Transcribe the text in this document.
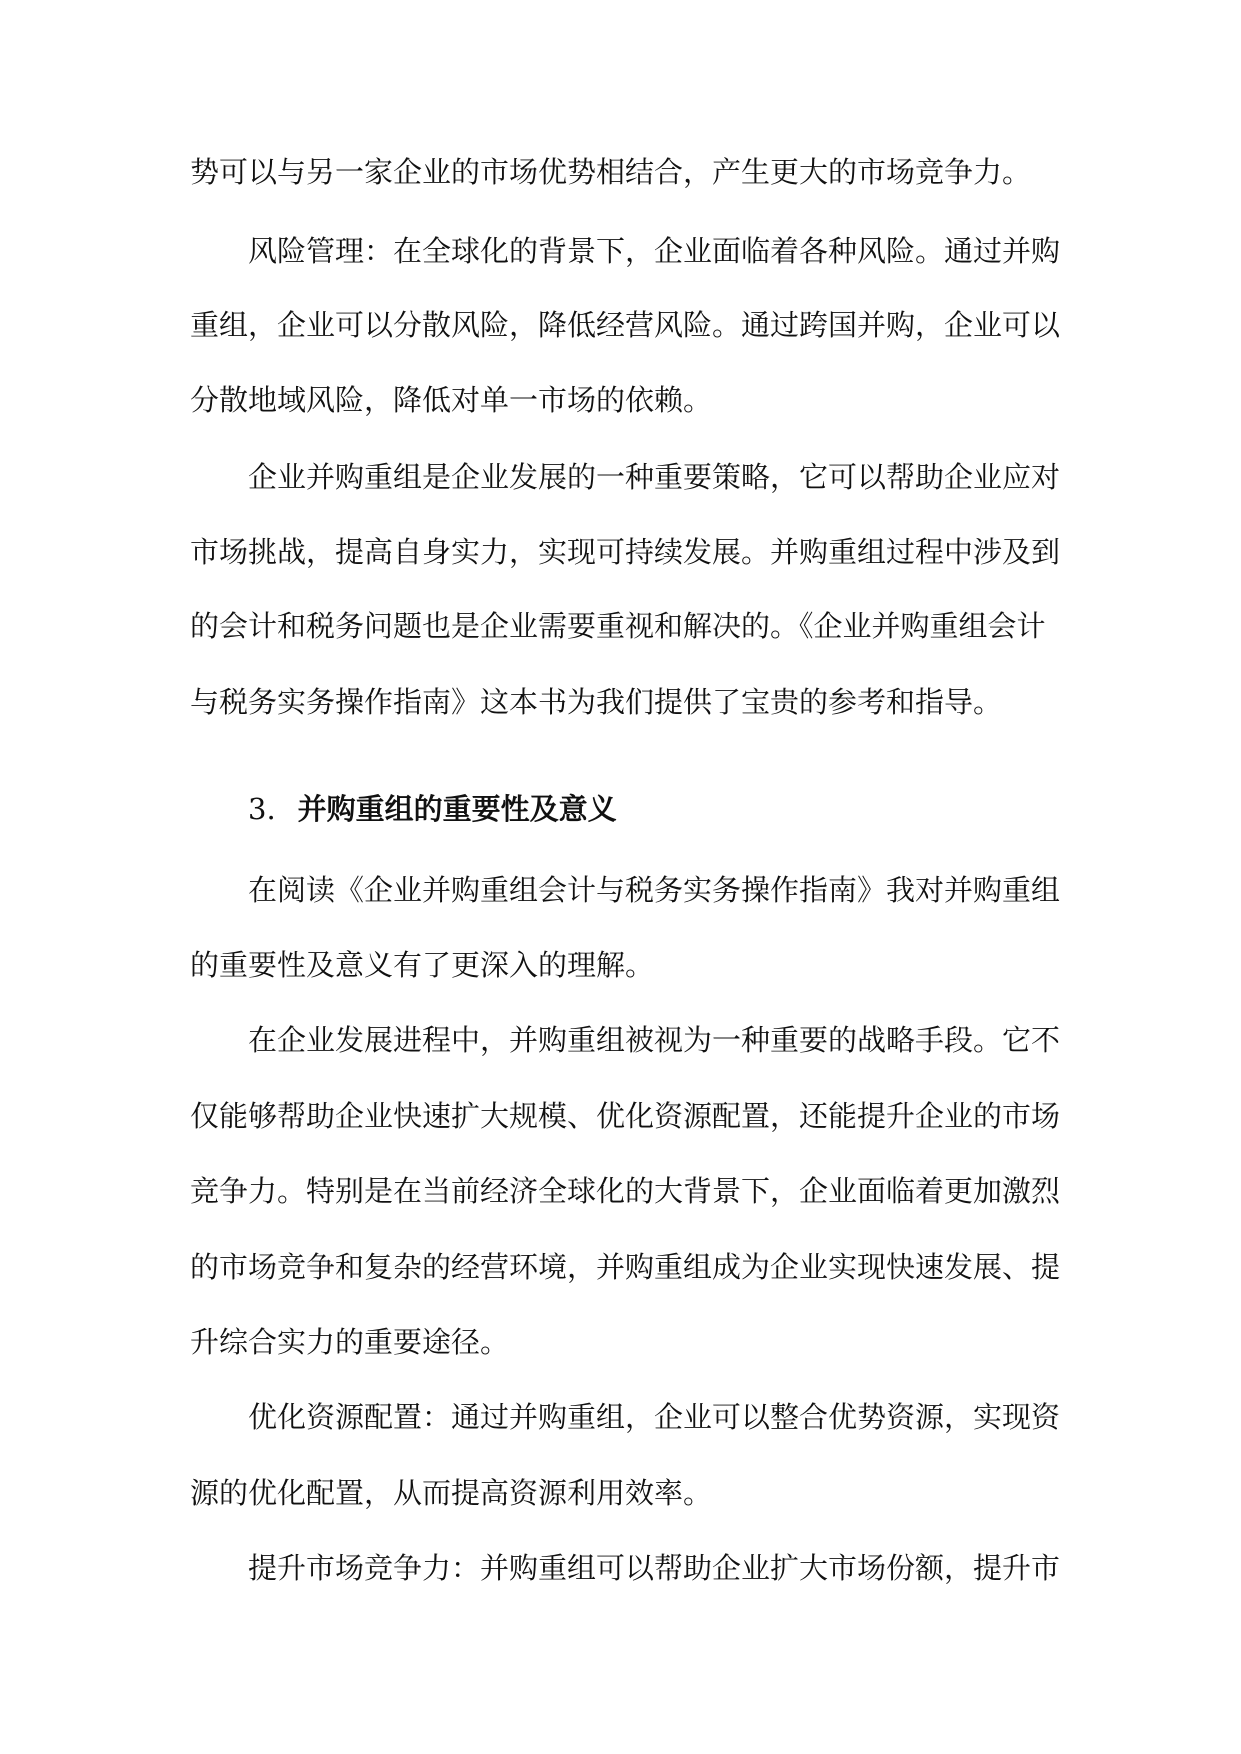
势可以与另一家企业的市场优势相结合，产生更大的市场竞争力。

风险管理：在全球化的背景下，企业面临着各种风险。通过并购

重组，企业可以分散风险，降低经营风险。通过跨国并购，企业可以

分散地域风险，降低对单一市场的依赖。

企业并购重组是企业发展的一种重要策略，它可以帮助企业应对

市场挑战，提高自身实力，实现可持续发展。并购重组过程中涉及到

的会计和税务问题也是企业需要重视和解决的。《企业并购重组会计

与税务实务操作指南》这本书为我们提供了宝贵的参考和指导。

3. 并购重组的重要性及意义

在阅读《企业并购重组会计与税务实务操作指南》我对并购重组

的重要性及意义有了更深入的理解。

在企业发展进程中，并购重组被视为一种重要的战略手段。它不

仅能够帮助企业快速扩大规模、优化资源配置，还能提升企业的市场

竞争力。特别是在当前经济全球化的大背景下，企业面临着更加激烈

的市场竞争和复杂的经营环境，并购重组成为企业实现快速发展、提

升综合实力的重要途径。

优化资源配置：通过并购重组，企业可以整合优势资源，实现资

源的优化配置，从而提高资源利用效率。

提升市场竞争力：并购重组可以帮助企业扩大市场份额，提升市
